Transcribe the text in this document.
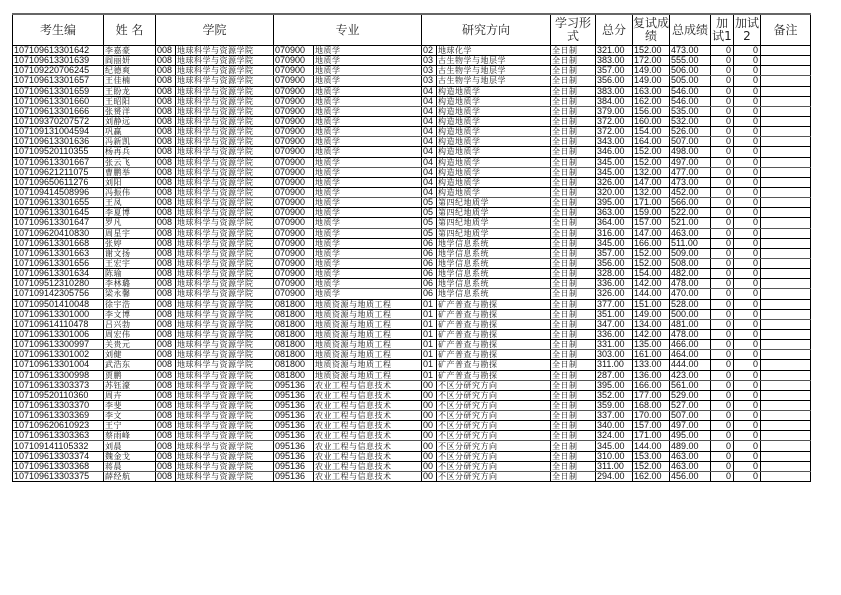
考生编	姓 名	学院		专业		研究方向		学习形式	总分	复试成绩	总成绩	加试1	加试2	备注
107109613301642	李嘉豪	008	地球科学与资源学院	070900	地质学	02	地球化学	全日制	321.00	152.00	473.00	0	0	
107109613301639	阎丽妍	008	地球科学与资源学院	070900	地质学	03	古生物学与地层学	全日制	383.00	172.00	555.00	0	0	
107109220706245	纪德爽	008	地球科学与资源学院	070900	地质学	03	古生物学与地层学	全日制	357.00	149.00	506.00	0	0	
107109613301657	王佳楠	008	地球科学与资源学院	070900	地质学	03	古生物学与地层学	全日制	356.00	149.00	505.00	0	0	
107109613301659	王盼龙	008	地球科学与资源学院	070900	地质学	04	构造地质学	全日制	383.00	163.00	546.00	0	0	
107109613301660	王昭阳	008	地球科学与资源学院	070900	地质学	04	构造地质学	全日制	384.00	162.00	546.00	0	0	
107109613301666	张赟洋	008	地球科学与资源学院	070900	地质学	04	构造地质学	全日制	379.00	156.00	535.00	0	0	
107109370207572	刘静远	008	地球科学与资源学院	070900	地质学	04	构造地质学	全日制	372.00	160.00	532.00	0	0	
107109131004594	巩赢	008	地球科学与资源学院	070900	地质学	04	构造地质学	全日制	372.00	154.00	526.00	0	0	
107109613301636	冯新凯	008	地球科学与资源学院	070900	地质学	04	构造地质学	全日制	343.00	164.00	507.00	0	0	
107109520110355	杨再兵	008	地球科学与资源学院	070900	地质学	04	构造地质学	全日制	346.00	152.00	498.00	0	0	
107109613301667	张云飞	008	地球科学与资源学院	070900	地质学	04	构造地质学	全日制	345.00	152.00	497.00	0	0	
107109621211075	曹鹏举	008	地球科学与资源学院	070900	地质学	04	构造地质学	全日制	345.00	132.00	477.00	0	0	
107109650611276	刘阳	008	地球科学与资源学院	070900	地质学	04	构造地质学	全日制	326.00	147.00	473.00	0	0	
107109414508996	冯振伟	008	地球科学与资源学院	070900	地质学	04	构造地质学	全日制	320.00	132.00	452.00	0	0	
107109613301655	王凤	008	地球科学与资源学院	070900	地质学	05	第四纪地质学	全日制	395.00	171.00	566.00	0	0	
107109613301645	李夏博	008	地球科学与资源学院	070900	地质学	05	第四纪地质学	全日制	363.00	159.00	522.00	0	0	
107109613301647	罗凡	008	地球科学与资源学院	070900	地质学	05	第四纪地质学	全日制	364.00	157.00	521.00	0	0	
107109620410830	周星宇	008	地球科学与资源学院	070900	地质学	05	第四纪地质学	全日制	316.00	147.00	463.00	0	0	
107109613301668	张婷	008	地球科学与资源学院	070900	地质学	06	地学信息系统	全日制	345.00	166.00	511.00	0	0	
107109613301663	谢文扬	008	地球科学与资源学院	070900	地质学	06	地学信息系统	全日制	357.00	152.00	509.00	0	0	
107109613301656	王宏宇	008	地球科学与资源学院	070900	地质学	06	地学信息系统	全日制	356.00	152.00	508.00	0	0	
107109613301634	陈瑜	008	地球科学与资源学院	070900	地质学	06	地学信息系统	全日制	328.00	154.00	482.00	0	0	
107109512310280	李林璐	008	地球科学与资源学院	070900	地质学	06	地学信息系统	全日制	336.00	142.00	478.00	0	0	
107109142305756	梁永馨	008	地球科学与资源学院	070900	地质学	06	地学信息系统	全日制	326.00	144.00	470.00	0	0	
107109501410048	徐宇浩	008	地球科学与资源学院	081800	地质资源与地质工程	01	矿产普查与勘探	全日制	377.00	151.00	528.00	0	0	
107109613301000	李文博	008	地球科学与资源学院	081800	地质资源与地质工程	01	矿产普查与勘探	全日制	351.00	149.00	500.00	0	0	
107109614110478	吕兴勃	008	地球科学与资源学院	081800	地质资源与地质工程	01	矿产普查与勘探	全日制	347.00	134.00	481.00	0	0	
107109613301006	周宏伟	008	地球科学与资源学院	081800	地质资源与地质工程	01	矿产普查与勘探	全日制	336.00	142.00	478.00	0	0	
107109613300997	关贵元	008	地球科学与资源学院	081800	地质资源与地质工程	01	矿产普查与勘探	全日制	331.00	135.00	466.00	0	0	
107109613301002	刘健	008	地球科学与资源学院	081800	地质资源与地质工程	01	矿产普查与勘探	全日制	303.00	161.00	464.00	0	0	
107109613301004	武浩东	008	地球科学与资源学院	081800	地质资源与地质工程	01	矿产普查与勘探	全日制	311.00	133.00	444.00	0	0	
107109613300998	贾鹏	008	地球科学与资源学院	081800	地质资源与地质工程	01	矿产普查与勘探	全日制	287.00	136.00	423.00	0	0	
107109613303373	苏钰濠	008	地球科学与资源学院	095136	农业工程与信息技术	00	不区分研究方向	全日制	395.00	166.00	561.00	0	0	
107109520110360	周卉	008	地球科学与资源学院	095136	农业工程与信息技术	00	不区分研究方向	全日制	352.00	177.00	529.00	0	0	
107109613303370	李斐	008	地球科学与资源学院	095136	农业工程与信息技术	00	不区分研究方向	全日制	359.00	168.00	527.00	0	0	
107109613303369	李文	008	地球科学与资源学院	095136	农业工程与信息技术	00	不区分研究方向	全日制	337.00	170.00	507.00	0	0	
107109620610923	王宁	008	地球科学与资源学院	095136	农业工程与信息技术	00	不区分研究方向	全日制	340.00	157.00	497.00	0	0	
107109613303363	蔡雨峰	008	地球科学与资源学院	095136	农业工程与信息技术	00	不区分研究方向	全日制	324.00	171.00	495.00	0	0	
107109141105332	刘晨	008	地球科学与资源学院	095136	农业工程与信息技术	00	不区分研究方向	全日制	345.00	144.00	489.00	0	0	
107109613303374	魏金戈	008	地球科学与资源学院	095136	农业工程与信息技术	00	不区分研究方向	全日制	310.00	153.00	463.00	0	0	
107109613303368	蒋晨	008	地球科学与资源学院	095136	农业工程与信息技术	00	不区分研究方向	全日制	311.00	152.00	463.00	0	0	
107109613303375	薛经航	008	地球科学与资源学院	095136	农业工程与信息技术	00	不区分研究方向	全日制	294.00	162.00	456.00	0	0	
